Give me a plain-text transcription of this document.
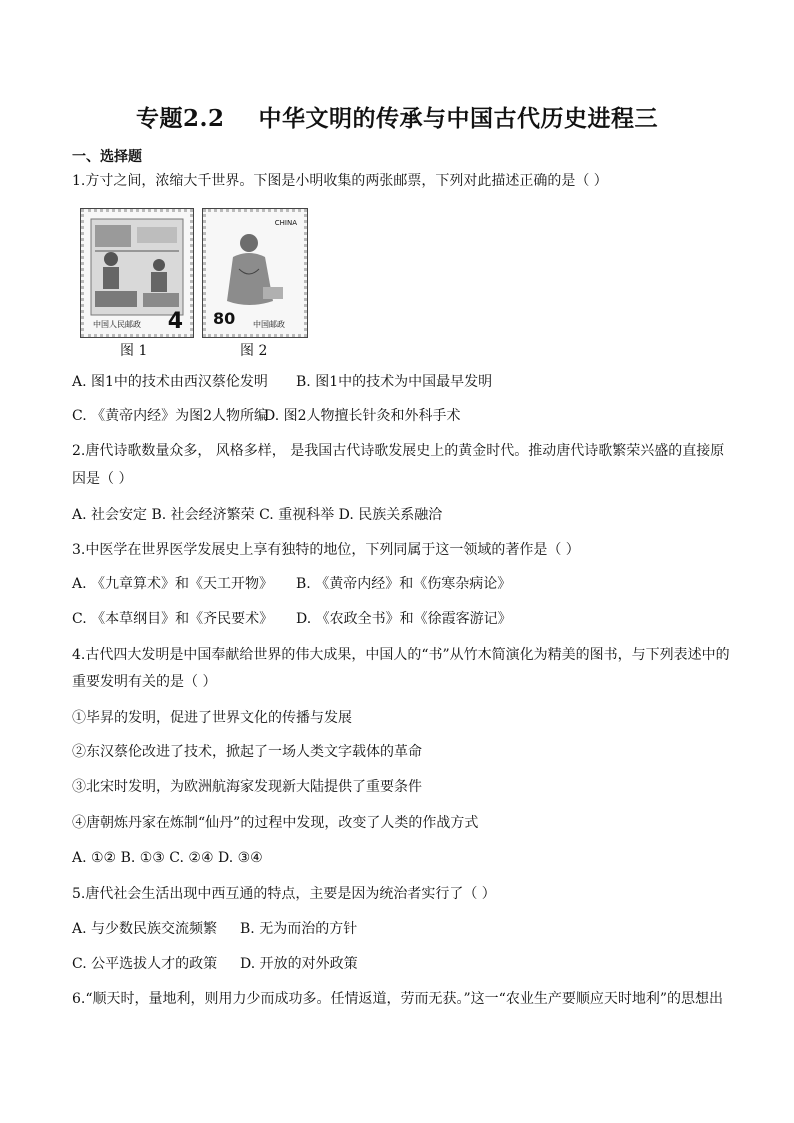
专题2.2    中华文明的传承与中国古代历史进程三
一、选择题
1.方寸之间，浓缩大千世界。下图是小明收集的两张邮票，下列对此描述正确的是（ ）
中国人民邮政 4
图 1
CHINA
80 中国邮政
图 2
A. 图1中的技术由西汉蔡伦发明 B. 图1中的技术为中国最早发明
C. 《黄帝内经》为图2人物所编
D. 图2人物擅长针灸和外科手术
2.唐代诗歌数量众多， 风格多样， 是我国古代诗歌发展史上的黄金时代。推动唐代诗歌繁荣兴盛的直接原
因是（ ）
A. 社会安定 B. 社会经济繁荣 C. 重视科举 D. 民族关系融洽
3.中医学在世界医学发展史上享有独特的地位，下列同属于这一领域的著作是（ ）
A. 《九章算术》和《天工开物》 B. 《黄帝内经》和《伤寒杂病论》
C. 《本草纲目》和《齐民要术》 D. 《农政全书》和《徐霞客游记》
4.古代四大发明是中国奉献给世界的伟大成果，中国人的“书”从竹木简演化为精美的图书，与下列表述中的
重要发明有关的是（ ）
①毕昇的发明，促进了世界文化的传播与发展
②东汉蔡伦改进了技术，掀起了一场人类文字载体的革命
③北宋时发明，为欧洲航海家发现新大陆提供了重要条件
④唐朝炼丹家在炼制“仙丹”的过程中发现，改变了人类的作战方式
A. ①② B. ①③ C. ②④ D. ③④
5.唐代社会生活出现中西互通的特点，主要是因为统治者实行了（ ）
A. 与少数民族交流频繁 B. 无为而治的方针
C. 公平选拔人才的政策 D. 开放的对外政策
6.“顺天时，量地利，则用力少而成功多。任情返道，劳而无获。”这一“农业生产要顺应天时地利”的思想出
